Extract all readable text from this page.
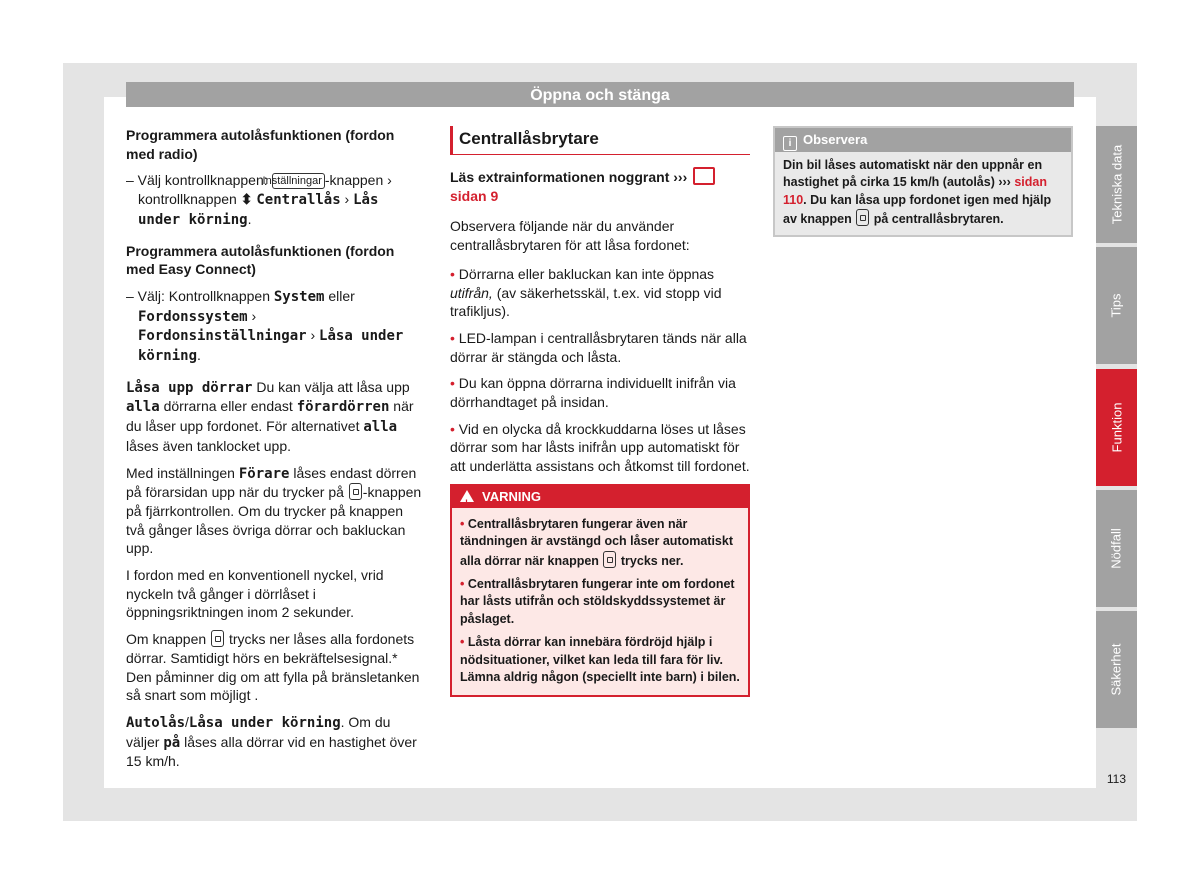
Öppna och stänga

Programmera autolåsfunktionen (fordon med radio)

– Välj kontrollknappen: Inställningar -knappen › kontrollknappen ⬍ Centrallås › Lås under körning.

Programmera autolåsfunktionen (fordon med Easy Connect)

– Välj: Kontrollknappen System eller Fordonssystem › Fordonsinställningar › Låsa under körning.

Låsa upp dörrar Du kan välja att låsa upp alla dörrarna eller endast förardörren när du låser upp fordonet. För alternativet alla låses även tanklocket upp.

Med inställningen Förare låses endast dörren på förarsidan upp när du trycker på -knappen på fjärrkontrollen. Om du trycker på knappen två gånger låses övriga dörrar och bakluckan upp.

I fordon med en konventionell nyckel, vrid nyckeln två gånger i dörrlåset i öppningsriktningen inom 2 sekunder.

Om knappen  trycks ner låses alla fordonets dörrar. Samtidigt hörs en bekräftelsesignal.* Den påminner dig om att fylla på bränsletanken så snart som möjligt .

Autolås/Låsa under körning. Om du väljer på låses alla dörrar vid en hastighet över 15 km/h.

Centrallåsbrytare

Läs extrainformationen noggrant ›››  sidan 9

Observera följande när du använder centrallåsbrytaren för att låsa fordonet:

• Dörrarna eller bakluckan kan inte öppnas utifrån, (av säkerhetsskäl, t.ex. vid stopp vid trafikljus).
• LED-lampan i centrallåsbrytaren tänds när alla dörrar är stängda och låsta.
• Du kan öppna dörrarna individuellt inifrån via dörrhandtaget på insidan.
• Vid en olycka då krockkuddarna löses ut låses dörrar som har låsts inifrån upp automatiskt för att underlätta assistans och åtkomst till fordonet.
!VARNING

• Centrallåsbrytaren fungerar även när tändningen är avstängd och låser automatiskt alla dörrar när knappen  trycks ner.

• Centrallåsbrytaren fungerar inte om fordonet har låsts utifrån och stöldskyddssystemet är påslaget.

• Låsta dörrar kan innebära fördröjd hjälp i nödsituationer, vilket kan leda till fara för liv. Lämna aldrig någon (speciellt inte barn) i bilen.

i Observera
Din bil låses automatiskt när den uppnår en hastighet på cirka 15 km/h (autolås) ››› sidan 110. Du kan låsa upp fordonet igen med hjälp av knappen  på centrallåsbrytaren.	Tekniska data
Tips
Funktion
Nödfall
Säkerhet
113
